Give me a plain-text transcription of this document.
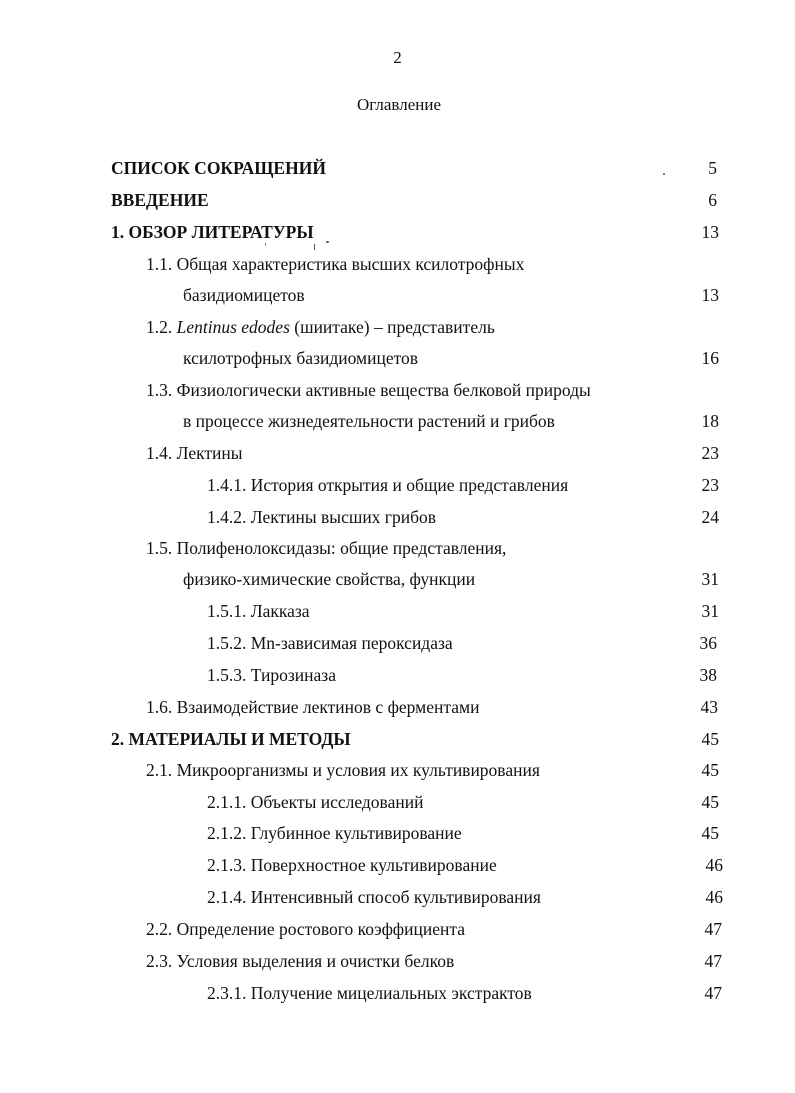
2
Оглавление
СПИСОК СОКРАЩЕНИЙ	5
ВВЕДЕНИЕ	6
1. ОБЗОР ЛИТЕРАТУРЫ	13
1.1. Общая характеристика высших ксилотрофных
базидиомицетов	13
1.2. Lentinus edodes (шиитаке) – представитель
ксилотрофных базидиомицетов	16
1.3. Физиологически активные вещества белковой природы
в процессе жизнедеятельности растений и грибов	18
1.4. Лектины	23
1.4.1. История открытия и общие представления	23
1.4.2. Лектины высших грибов	24
1.5. Полифенолоксидазы: общие представления,
физико-химические свойства, функции	31
1.5.1. Лакказа	31
1.5.2. Mn-зависимая пероксидаза	36
1.5.3. Тирозиназа	38
1.6. Взаимодействие лектинов с ферментами	43
2. МАТЕРИАЛЫ И МЕТОДЫ	45
2.1. Микроорганизмы и условия их культивирования	45
2.1.1. Объекты исследований	45
2.1.2. Глубинное культивирование	45
2.1.3. Поверхностное культивирование	46
2.1.4. Интенсивный способ культивирования	46
2.2. Определение ростового коэффициента	47
2.3. Условия выделения и очистки белков	47
2.3.1. Получение мицелиальных экстрактов	47
